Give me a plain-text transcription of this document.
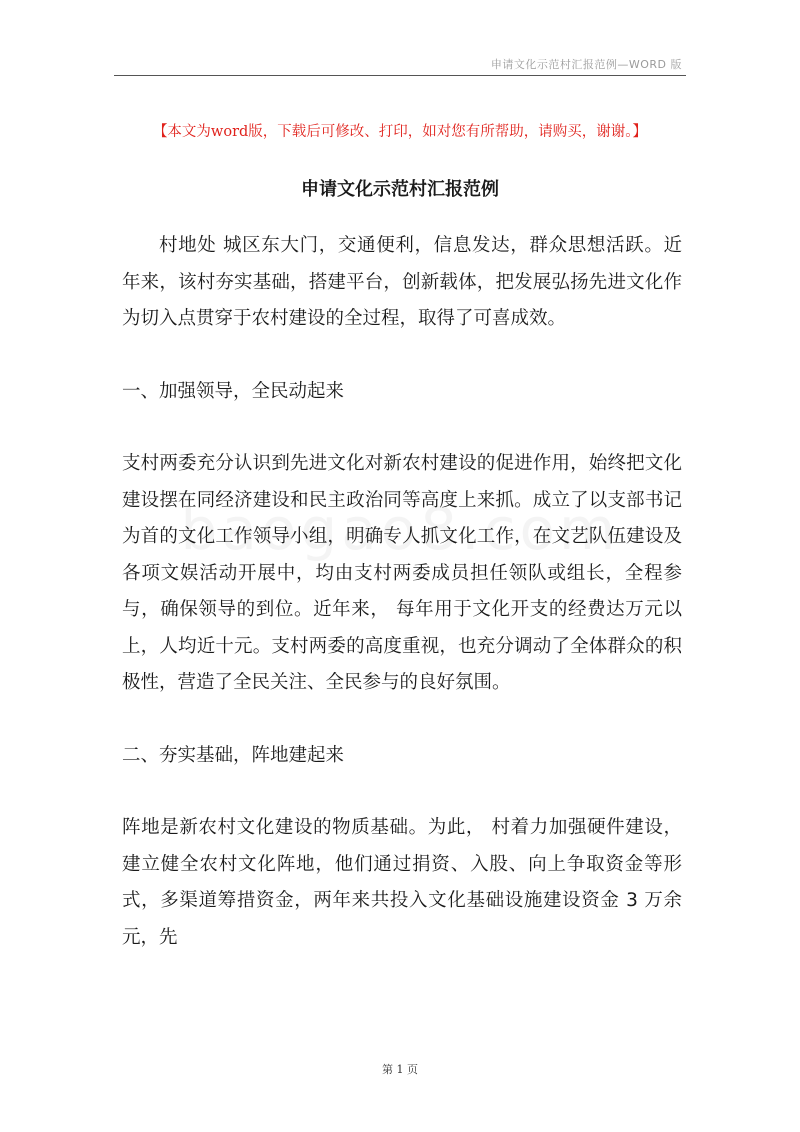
申请文化示范村汇报范例—WORD 版
【本文为word版，下载后可修改、打印，如对您有所帮助，请购买，谢谢。】
申请文化示范村汇报范例

村地处 城区东大门，交通便利，信息发达，群众思想活跃。近年来，该村夯实基础，搭建平台，创新载体，把发展弘扬先进文化作为切入点贯穿于农村建设的全过程，取得了可喜成效。

一、加强领导，全民动起来

支村两委充分认识到先进文化对新农村建设的促进作用，始终把文化建设摆在同经济建设和民主政治同等高度上来抓。成立了以支部书记为首的文化工作领导小组，明确专人抓文化工作，在文艺队伍建设及各项文娱活动开展中，均由支村两委成员担任领队或组长，全程参与，确保领导的到位。近年来， 每年用于文化开支的经费达万元以上，人均近十元。支村两委的高度重视，也充分调动了全体群众的积极性，营造了全民关注、全民参与的良好氛围。

二、夯实基础，阵地建起来

阵地是新农村文化建设的物质基础。为此， 村着力加强硬件建设，建立健全农村文化阵地，他们通过捐资、入股、向上争取资金等形式，多渠道筹措资金，两年来共投入文化基础设施建设资金 3 万余元，先

第 1 页
